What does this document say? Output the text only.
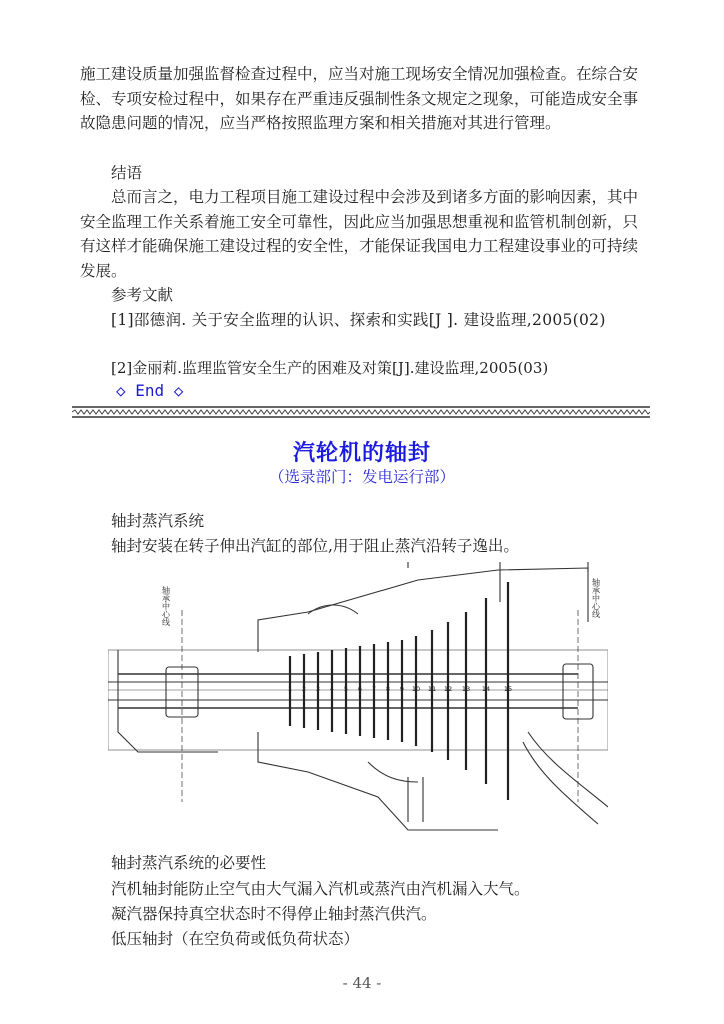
施工建设质量加强监督检查过程中，应当对施工现场安全情况加强检查。在综合安检、专项安检过程中，如果存在严重违反强制性条文规定之现象，可能造成安全事故隐患问题的情况，应当严格按照监理方案和相关措施对其进行管理。

结语

总而言之，电力工程项目施工建设过程中会涉及到诸多方面的影响因素，其中安全监理工作关系着施工安全可靠性，因此应当加强思想重视和监管机制创新，只有这样才能确保施工建设过程的安全性，才能保证我国电力工程建设事业的可持续发展。

参考文献

[1]邵德润. 关于安全监理的认识、探索和实践[J ]. 建设监理,2005(02)

[2]金丽莉.监理监管安全生产的困难及对策[J].建设监理,2005(03)

◇ End ◇
汽轮机的轴封
（选录部门：发电运行部）

轴封蒸汽系统

轴封安装在转子伸出汽缸的部位,用于阻止蒸汽沿转子逸出。

1 2 3 4 5 6 7 8 9 10 11 12 13 14 15
轴承中心线	轴承中心线

轴封蒸汽系统的必要性

汽机轴封能防止空气由大气漏入汽机或蒸汽由汽机漏入大气。

凝汽器保持真空状态时不得停止轴封蒸汽供汽。

低压轴封（在空负荷或低负荷状态）

- 44 -
